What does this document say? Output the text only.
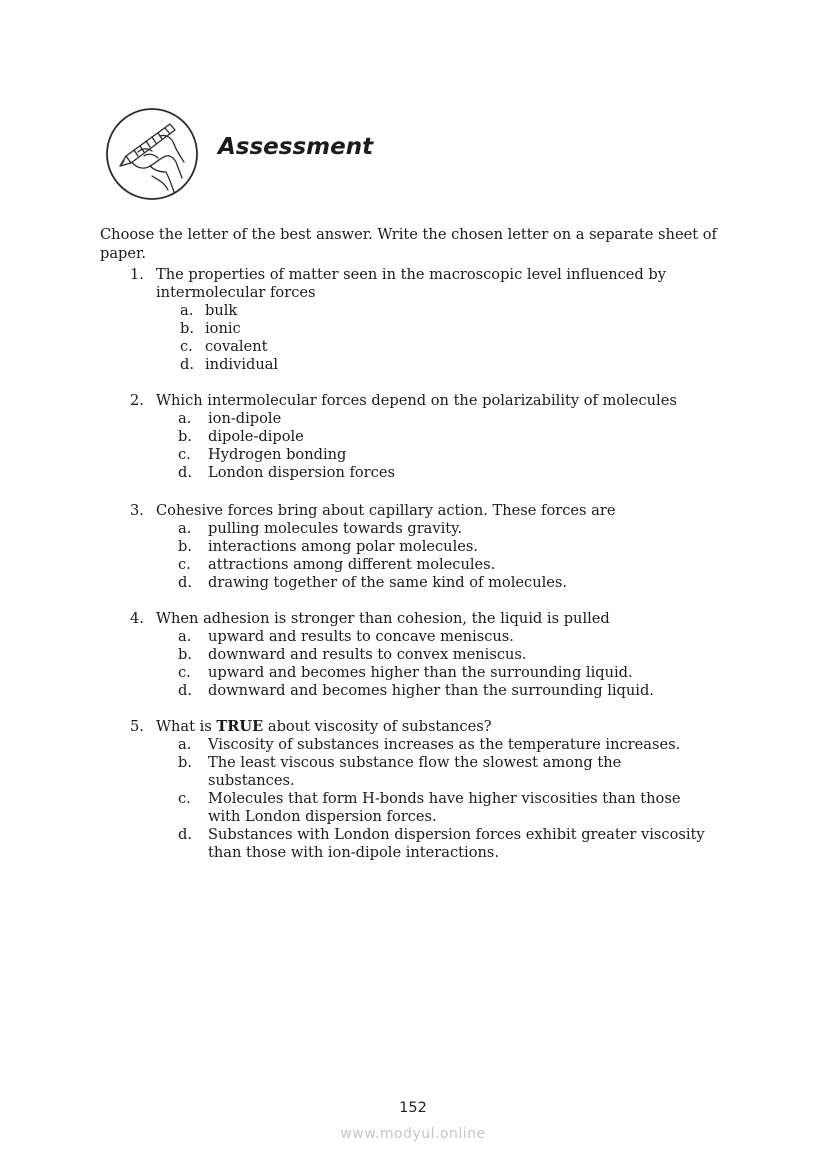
Assessment

Choose the letter of the best answer. Write the chosen letter on a separate sheet of paper.

1. The properties of matter seen in the macroscopic level influenced by intermolecular forces
a. bulk
b. ionic
c. covalent
d. individual
2. Which intermolecular forces depend on the polarizability of molecules
a.	ion-dipole
b.	dipole-dipole
c.	Hydrogen bonding
d.	London dispersion forces
3. Cohesive forces bring about capillary action. These forces are
a.	pulling molecules towards gravity.
b.	interactions among polar molecules.
c.	attractions among different molecules.
d.	drawing together of the same kind of molecules.
4. When adhesion is stronger than cohesion, the liquid is pulled
a.	upward and results to concave meniscus.
b.	downward and results to convex meniscus.
c.	upward and becomes higher than the surrounding liquid.
d.	downward and becomes higher than the surrounding liquid.
5. What is TRUE about viscosity of substances?
a.	Viscosity of substances increases as the temperature increases.
b.	The least viscous substance flow the slowest among the substances.
c.	Molecules that form H-bonds have higher viscosities than those with London dispersion forces.
d.	Substances with London dispersion forces exhibit greater viscosity than those with ion-dipole interactions.
152
www.modyul.online
